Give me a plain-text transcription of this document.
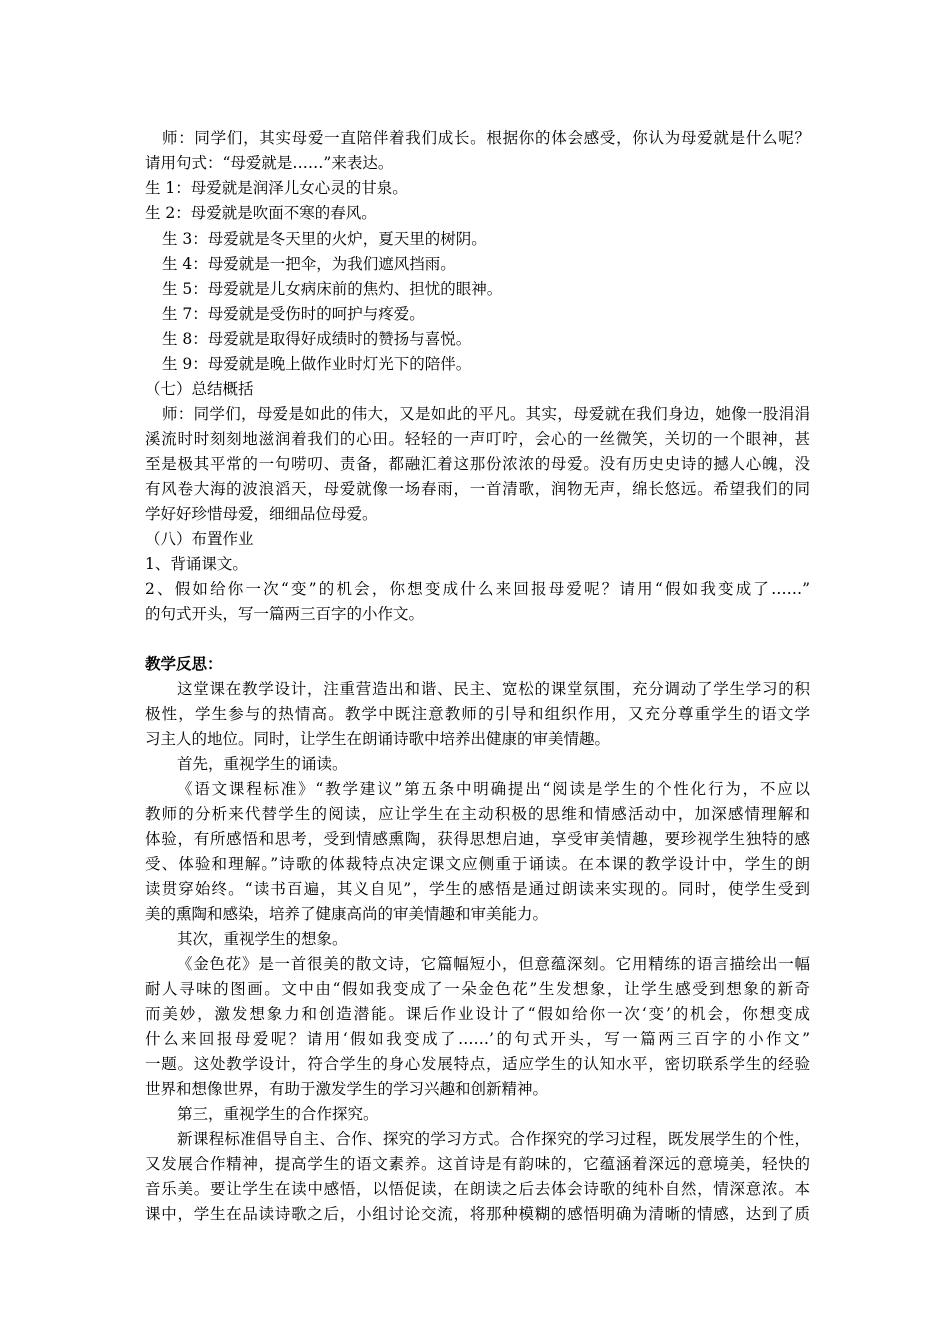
师：同学们，其实母爱一直陪伴着我们成长。根据你的体会感受，你认为母爱就是什么呢？
请用句式：“母爱就是……”来表达。
生 1：母爱就是润泽儿女心灵的甘泉。
生 2：母爱就是吹面不寒的春风。
生 3：母爱就是冬天里的火炉，夏天里的树阴。
生 4：母爱就是一把伞，为我们遮风挡雨。
生 5：母爱就是儿女病床前的焦灼、担忧的眼神。
生 7：母爱就是受伤时的呵护与疼爱。
生 8：母爱就是取得好成绩时的赞扬与喜悦。
生 9：母爱就是晚上做作业时灯光下的陪伴。
（七）总结概括
师：同学们，母爱是如此的伟大，又是如此的平凡。其实，母爱就在我们身边，她像一股涓涓
溪流时时刻刻地滋润着我们的心田。轻轻的一声叮咛，会心的一丝微笑，关切的一个眼神，甚
至是极其平常的一句唠叨、责备，都融汇着这那份浓浓的母爱。没有历史史诗的撼人心魄，没
有风卷大海的波浪滔天，母爱就像一场春雨，一首清歌，润物无声，绵长悠远。希望我们的同
学好好珍惜母爱，细细品位母爱。
（八）布置作业
1、背诵课文。
2、假如给你一次“变”的机会，你想变成什么来回报母爱呢？请用“假如我变成了……”
的句式开头，写一篇两三百字的小作文。
教学反思：
这堂课在教学设计，注重营造出和谐、民主、宽松的课堂氛围，充分调动了学生学习的积
极性，学生参与的热情高。教学中既注意教师的引导和组织作用，又充分尊重学生的语文学
习主人的地位。同时，让学生在朗诵诗歌中培养出健康的审美情趣。
首先，重视学生的诵读。
《语文课程标准》“教学建议”第五条中明确提出“阅读是学生的个性化行为，不应以
教师的分析来代替学生的阅读，应让学生在主动积极的思维和情感活动中，加深感情理解和
体验，有所感悟和思考，受到情感熏陶，获得思想启迪，享受审美情趣，要珍视学生独特的感
受、体验和理解。”诗歌的体裁特点决定课文应侧重于诵读。在本课的教学设计中，学生的朗
读贯穿始终。“读书百遍，其义自见”，学生的感悟是通过朗读来实现的。同时，使学生受到
美的熏陶和感染，培养了健康高尚的审美情趣和审美能力。
其次，重视学生的想象。
《金色花》是一首很美的散文诗，它篇幅短小，但意蕴深刻。它用精练的语言描绘出一幅
耐人寻味的图画。文中由“假如我变成了一朵金色花”生发想象，让学生感受到想象的新奇
而美妙，激发想象力和创造潜能。课后作业设计了“假如给你一次‘变’的机会，你想变成
什么来回报母爱呢？请用‘假如我变成了……’的句式开头，写一篇两三百字的小作文”
一题。这处教学设计，符合学生的身心发展特点，适应学生的认知水平，密切联系学生的经验
世界和想像世界，有助于激发学生的学习兴趣和创新精神。
第三，重视学生的合作探究。
新课程标准倡导自主、合作、探究的学习方式。合作探究的学习过程，既发展学生的个性，
又发展合作精神，提高学生的语文素养。这首诗是有韵味的，它蕴涵着深远的意境美，轻快的
音乐美。要让学生在读中感悟，以悟促读，在朗读之后去体会诗歌的纯朴自然，情深意浓。本
课中，学生在品读诗歌之后，小组讨论交流，将那种模糊的感悟明确为清晰的情感，达到了质
